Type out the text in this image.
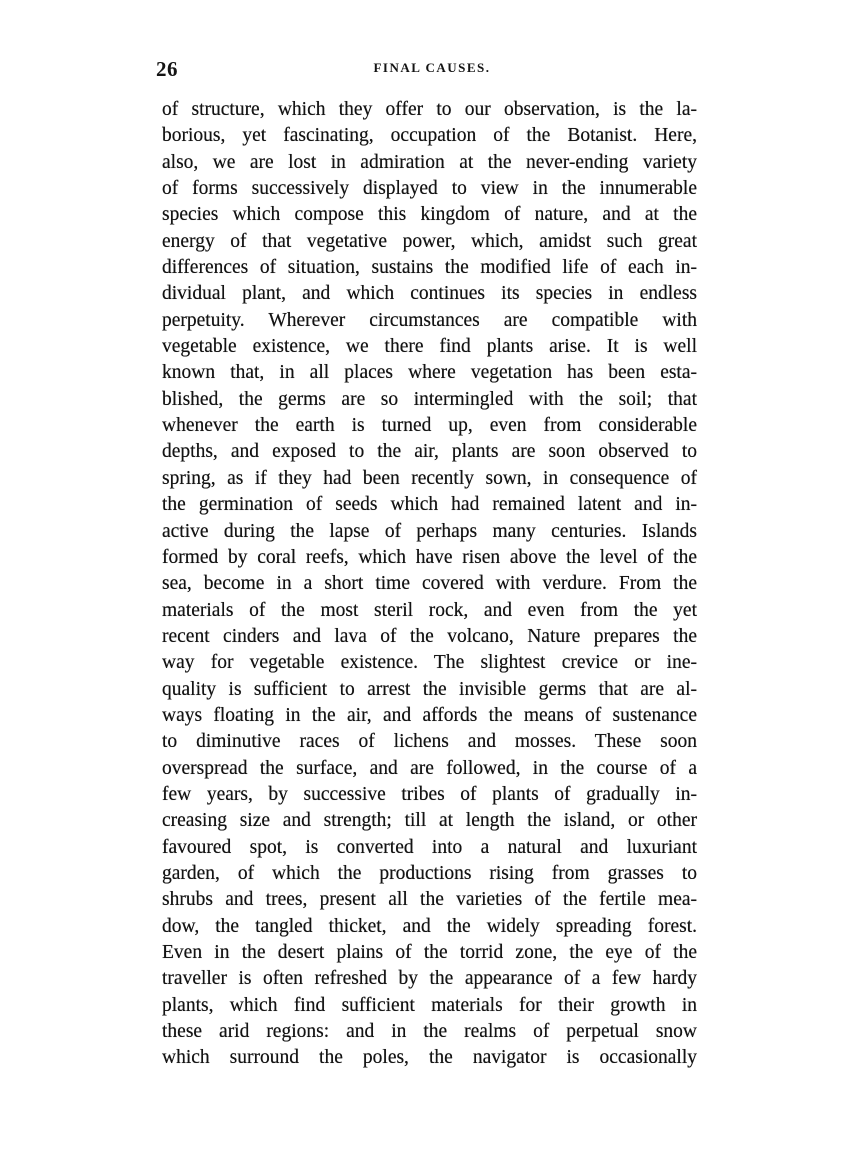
26	FINAL CAUSES.
of structure, which they offer to our observation, is the la-
borious, yet fascinating, occupation of the Botanist. Here,
also, we are lost in admiration at the never-ending variety
of forms successively displayed to view in the innumerable
species which compose this kingdom of nature, and at the
energy of that vegetative power, which, amidst such great
differences of situation, sustains the modified life of each in-
dividual plant, and which continues its species in endless
perpetuity. Wherever circumstances are compatible with
vegetable existence, we there find plants arise. It is well
known that, in all places where vegetation has been esta-
blished, the germs are so intermingled with the soil; that
whenever the earth is turned up, even from considerable
depths, and exposed to the air, plants are soon observed to
spring, as if they had been recently sown, in consequence of
the germination of seeds which had remained latent and in-
active during the lapse of perhaps many centuries. Islands
formed by coral reefs, which have risen above the level of the
sea, become in a short time covered with verdure. From the
materials of the most steril rock, and even from the yet
recent cinders and lava of the volcano, Nature prepares the
way for vegetable existence. The slightest crevice or ine-
quality is sufficient to arrest the invisible germs that are al-
ways floating in the air, and affords the means of sustenance
to diminutive races of lichens and mosses. These soon
overspread the surface, and are followed, in the course of a
few years, by successive tribes of plants of gradually in-
creasing size and strength; till at length the island, or other
favoured spot, is converted into a natural and luxuriant
garden, of which the productions rising from grasses to
shrubs and trees, present all the varieties of the fertile mea-
dow, the tangled thicket, and the widely spreading forest.
Even in the desert plains of the torrid zone, the eye of the
traveller is often refreshed by the appearance of a few hardy
plants, which find sufficient materials for their growth in
these arid regions: and in the realms of perpetual snow
which surround the poles, the navigator is occasionally
